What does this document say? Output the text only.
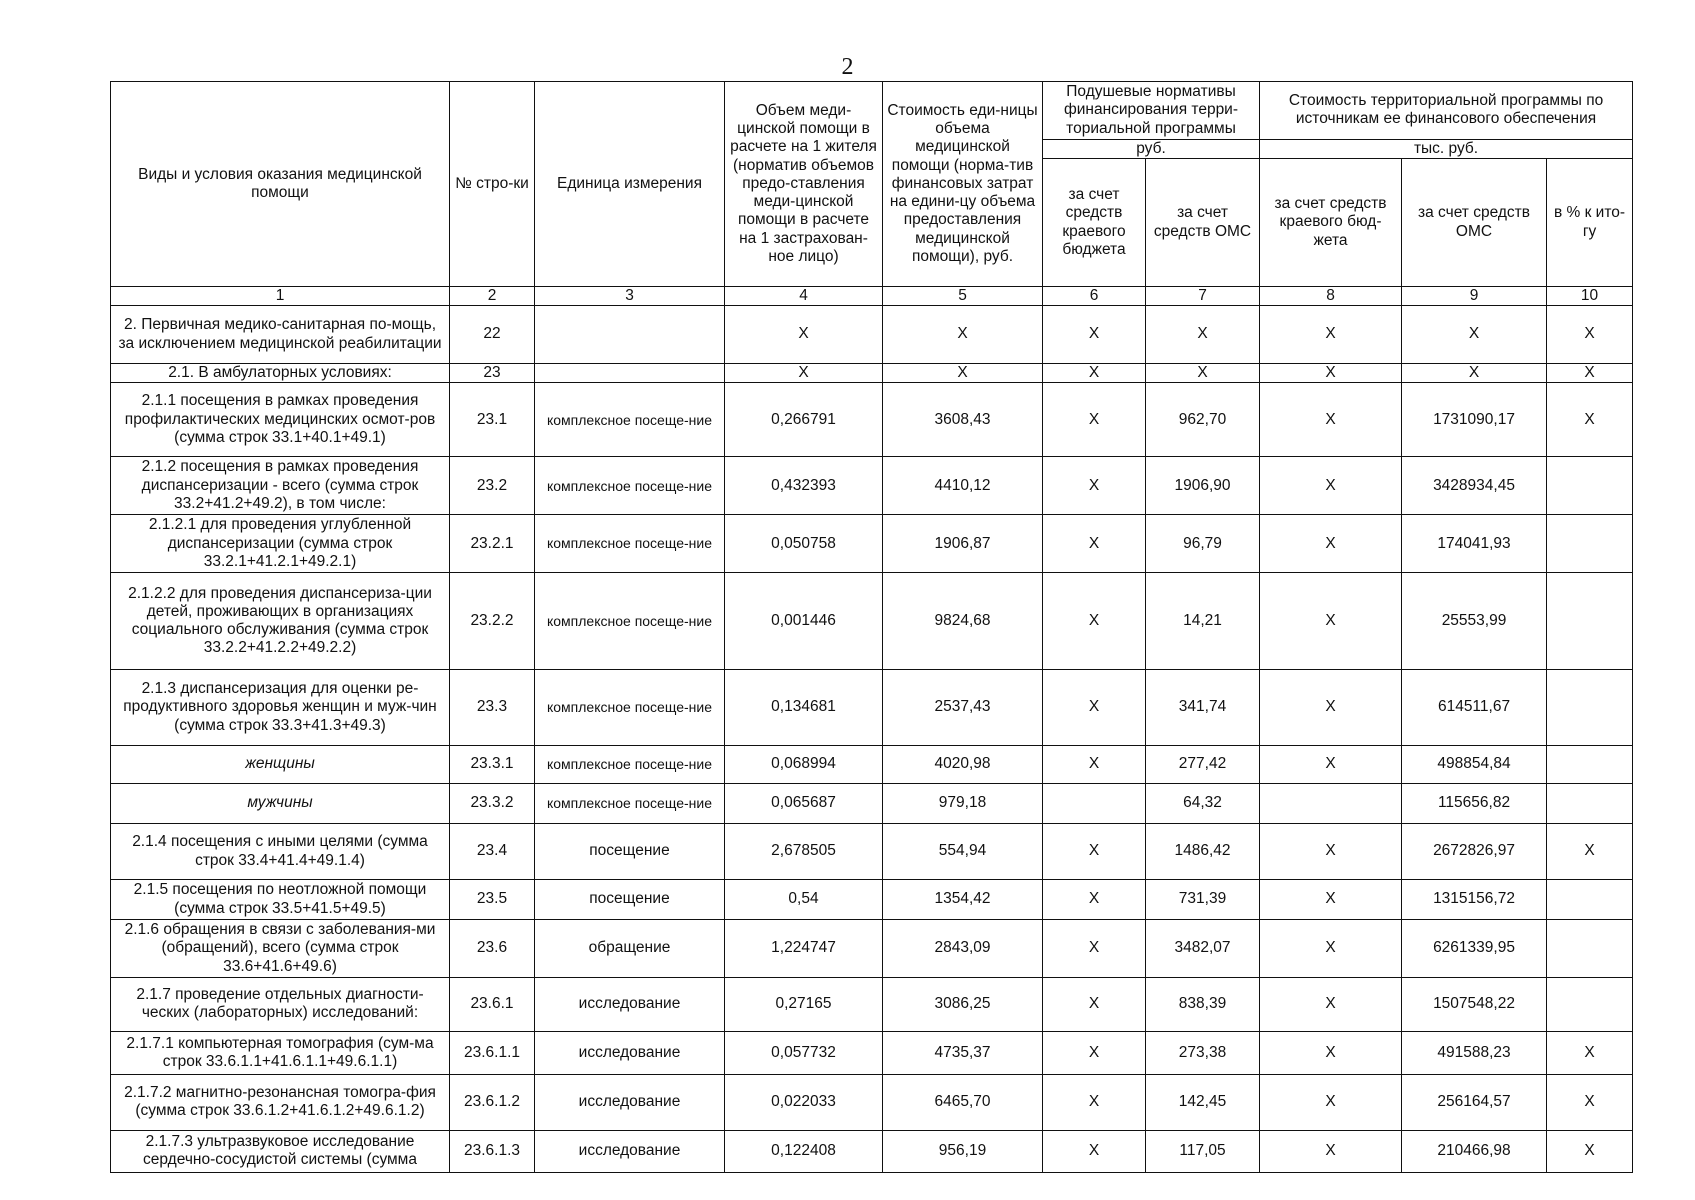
2
Виды и условия оказания медицинской помощи	№ стро-ки	Единица измерения	Объем меди-цинской помощи в расчете на 1 жителя (норматив объемов предо-ставления меди-цинской помощи в расчете на 1 застрахован-ное лицо)	Стоимость еди-ницы объема медицинской помощи (норма-тив финансовых затрат на едини-цу объема предоставления медицинской помощи), руб.	Подушевые нормативы финансирования терри-ториальной программы		Стоимость территориальной программы по источникам ее финансового обеспечения		
					руб.		тыс. руб.		
					за счет средств краевого бюджета	за счет средств ОМС	за счет средств краевого бюд-жета	за счет средств ОМС	в % к ито-гу
1	2	3	4	5	6	7	8	9	10
2. Первичная медико-санитарная по-мощь, за исключением медицинской реабилитации	22		X	X	X	X	X	X	X
2.1. В амбулаторных условиях:	23		X	X	X	X	X	X	X
2.1.1 посещения в рамках проведения профилактических медицинских осмот-ров (сумма строк 33.1+40.1+49.1)	23.1	комплексное посеще-ние	0,266791	3608,43	X	962,70	X	1731090,17	X
2.1.2 посещения в рамках проведения диспансеризации - всего (сумма строк 33.2+41.2+49.2), в том числе:	23.2	комплексное посеще-ние	0,432393	4410,12	X	1906,90	X	3428934,45	
2.1.2.1 для проведения углубленной диспансеризации (сумма строк 33.2.1+41.2.1+49.2.1)	23.2.1	комплексное посеще-ние	0,050758	1906,87	X	96,79	X	174041,93	
2.1.2.2 для проведения диспансериза-ции детей, проживающих в организациях социального обслуживания (сумма строк 33.2.2+41.2.2+49.2.2)	23.2.2	комплексное посеще-ние	0,001446	9824,68	X	14,21	X	25553,99	
2.1.3 диспансеризация для оценки ре-продуктивного здоровья женщин и муж-чин (сумма строк 33.3+41.3+49.3)	23.3	комплексное посеще-ние	0,134681	2537,43	X	341,74	X	614511,67	
женщины	23.3.1	комплексное посеще-ние	0,068994	4020,98	X	277,42	X	498854,84	
мужчины	23.3.2	комплексное посеще-ние	0,065687	979,18		64,32		115656,82	
2.1.4 посещения с иными целями (сумма строк 33.4+41.4+49.1.4)	23.4	посещение	2,678505	554,94	X	1486,42	X	2672826,97	X
2.1.5 посещения по неотложной помощи (сумма строк 33.5+41.5+49.5)	23.5	посещение	0,54	1354,42	X	731,39	X	1315156,72	
2.1.6 обращения в связи с заболевания-ми (обращений), всего (сумма строк 33.6+41.6+49.6)	23.6	обращение	1,224747	2843,09	X	3482,07	X	6261339,95	
2.1.7 проведение отдельных диагности-ческих (лабораторных) исследований:	23.6.1	исследование	0,27165	3086,25	X	838,39	X	1507548,22	
2.1.7.1 компьютерная томография (сум-ма строк 33.6.1.1+41.6.1.1+49.6.1.1)	23.6.1.1	исследование	0,057732	4735,37	X	273,38	X	491588,23	X
2.1.7.2 магнитно-резонансная томогра-фия (сумма строк 33.6.1.2+41.6.1.2+49.6.1.2)	23.6.1.2	исследование	0,022033	6465,70	X	142,45	X	256164,57	X
2.1.7.3 ультразвуковое исследование сердечно-сосудистой системы (сумма	23.6.1.3	исследование	0,122408	956,19	X	117,05	X	210466,98	X
